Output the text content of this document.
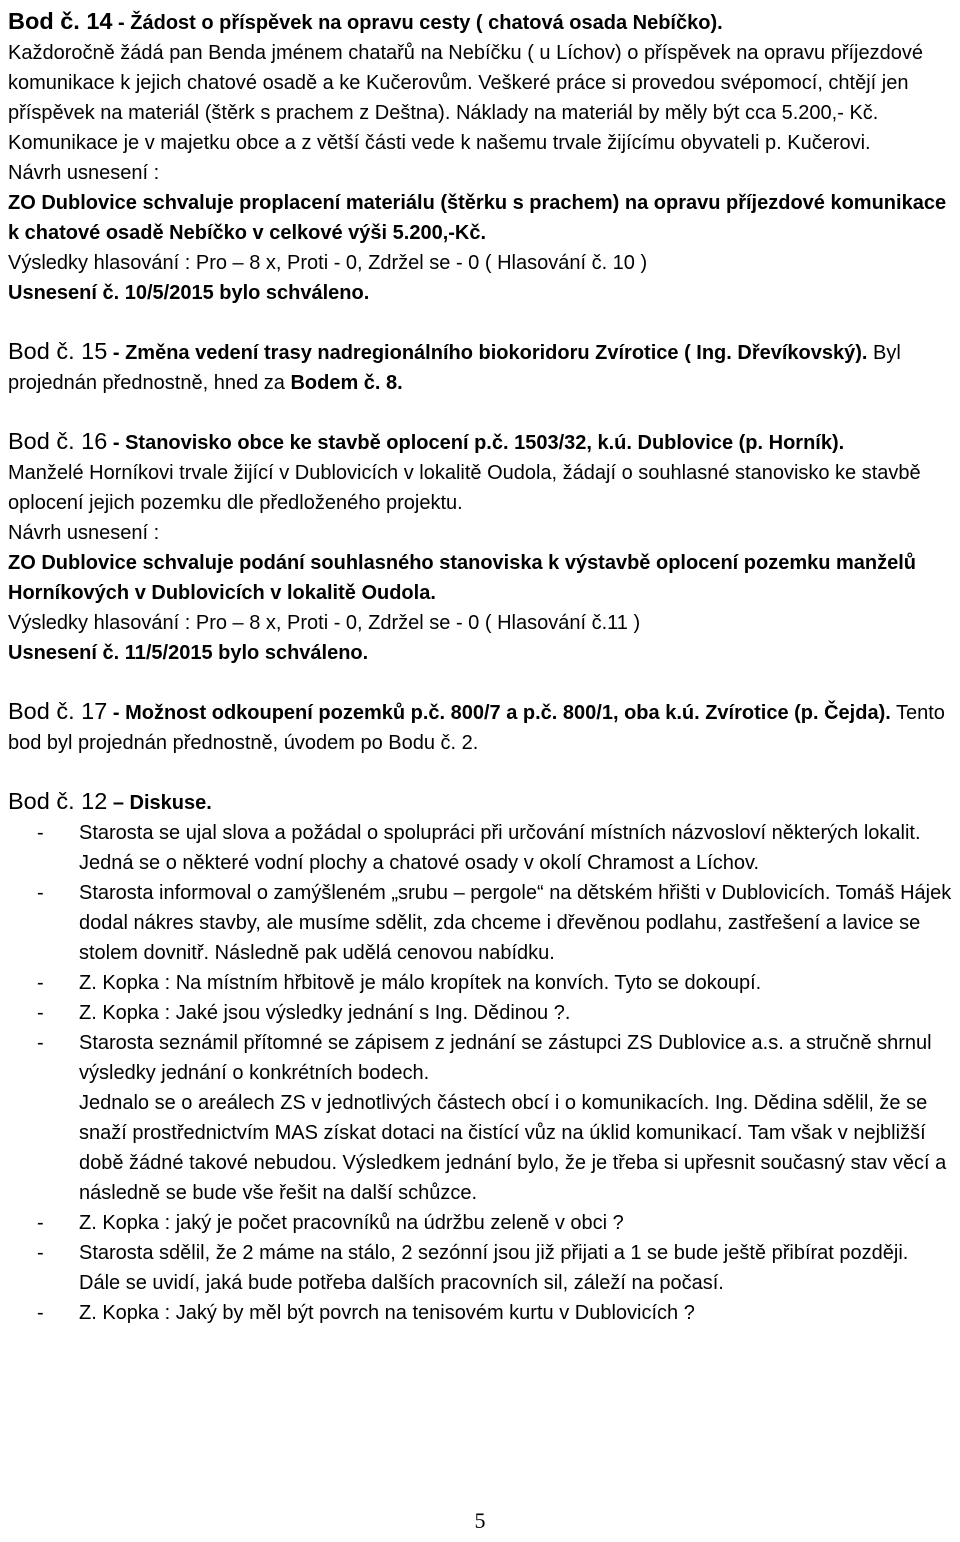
Bod č. 14 - Žádost o příspěvek na opravu cesty ( chatová osada Nebíčko).

Každoročně žádá pan Benda jménem chatařů na Nebíčku ( u Líchov) o příspěvek na opravu příjezdové komunikace k jejich chatové osadě a ke Kučerovům. Veškeré práce si provedou svépomocí, chtějí jen příspěvek na materiál (štěrk s prachem z Deštna). Náklady na materiál by měly být cca 5.200,- Kč. Komunikace je v majetku obce a z větší části vede k našemu trvale žijícímu obyvateli p. Kučerovi.

Návrh usnesení :

ZO Dublovice schvaluje proplacení materiálu (štěrku s prachem) na opravu příjezdové komunikace k chatové osadě Nebíčko v celkové výši 5.200,-Kč.

Výsledky hlasování : Pro – 8 x, Proti - 0, Zdržel se - 0 ( Hlasování č. 10 )

Usnesení č. 10/5/2015 bylo schváleno.

Bod č. 15 - Změna vedení trasy nadregionálního biokoridoru Zvírotice ( Ing. Dřevíkovský). Byl projednán přednostně, hned za Bodem č. 8.

Bod č. 16 - Stanovisko obce ke stavbě oplocení p.č. 1503/32, k.ú. Dublovice (p. Horník).

Manželé Horníkovi trvale žijící v Dublovicích v lokalitě Oudola, žádají o souhlasné stanovisko ke stavbě oplocení jejich pozemku dle předloženého projektu.

Návrh usnesení :

ZO Dublovice schvaluje podání souhlasného stanoviska k výstavbě oplocení pozemku manželů Horníkových v Dublovicích v lokalitě Oudola.

Výsledky hlasování : Pro – 8 x, Proti - 0, Zdržel se - 0 ( Hlasování č.11 )

Usnesení č. 11/5/2015 bylo schváleno.

Bod č. 17 - Možnost odkoupení pozemků p.č. 800/7 a p.č. 800/1, oba k.ú. Zvírotice (p. Čejda). Tento bod byl projednán přednostně, úvodem po Bodu č. 2.

Bod č. 12 – Diskuse.

- Starosta se ujal slova a požádal o spolupráci při určování místních názvosloví některých lokalit. Jedná se o některé vodní plochy a chatové osady v okolí Chramost a Líchov.
- Starosta informoval o zamýšleném „srubu – pergole“ na dětském hřišti v Dublovicích. Tomáš Hájek dodal nákres stavby, ale musíme sdělit, zda chceme i dřevěnou podlahu, zastřešení a lavice se stolem dovnitř. Následně pak udělá cenovou nabídku.
- Z. Kopka : Na místním hřbitově je málo kropítek na konvích. Tyto se dokoupí.
- Z. Kopka : Jaké jsou výsledky jednání s Ing. Dědinou ?.
- Starosta seznámil přítomné se zápisem z jednání se zástupci ZS Dublovice a.s. a stručně shrnul výsledky jednání o konkrétních bodech.
Jednalo se o areálech ZS v jednotlivých částech obcí i o komunikacích. Ing. Dědina sdělil, že se snaží prostřednictvím MAS získat dotaci na čistící vůz na úklid komunikací. Tam však v nejbližší době žádné takové nebudou. Výsledkem jednání bylo, že je třeba si upřesnit současný stav věcí a následně se bude vše řešit na další schůzce.
- Z. Kopka : jaký je počet pracovníků na údržbu zeleně v obci ?
- Starosta sdělil, že 2 máme na stálo, 2 sezónní jsou již přijati a 1 se bude ještě přibírat později. Dále se uvidí, jaká bude potřeba dalších pracovních sil, záleží na počasí.
- Z. Kopka : Jaký by měl být povrch na tenisovém kurtu v Dublovicích ?
5
